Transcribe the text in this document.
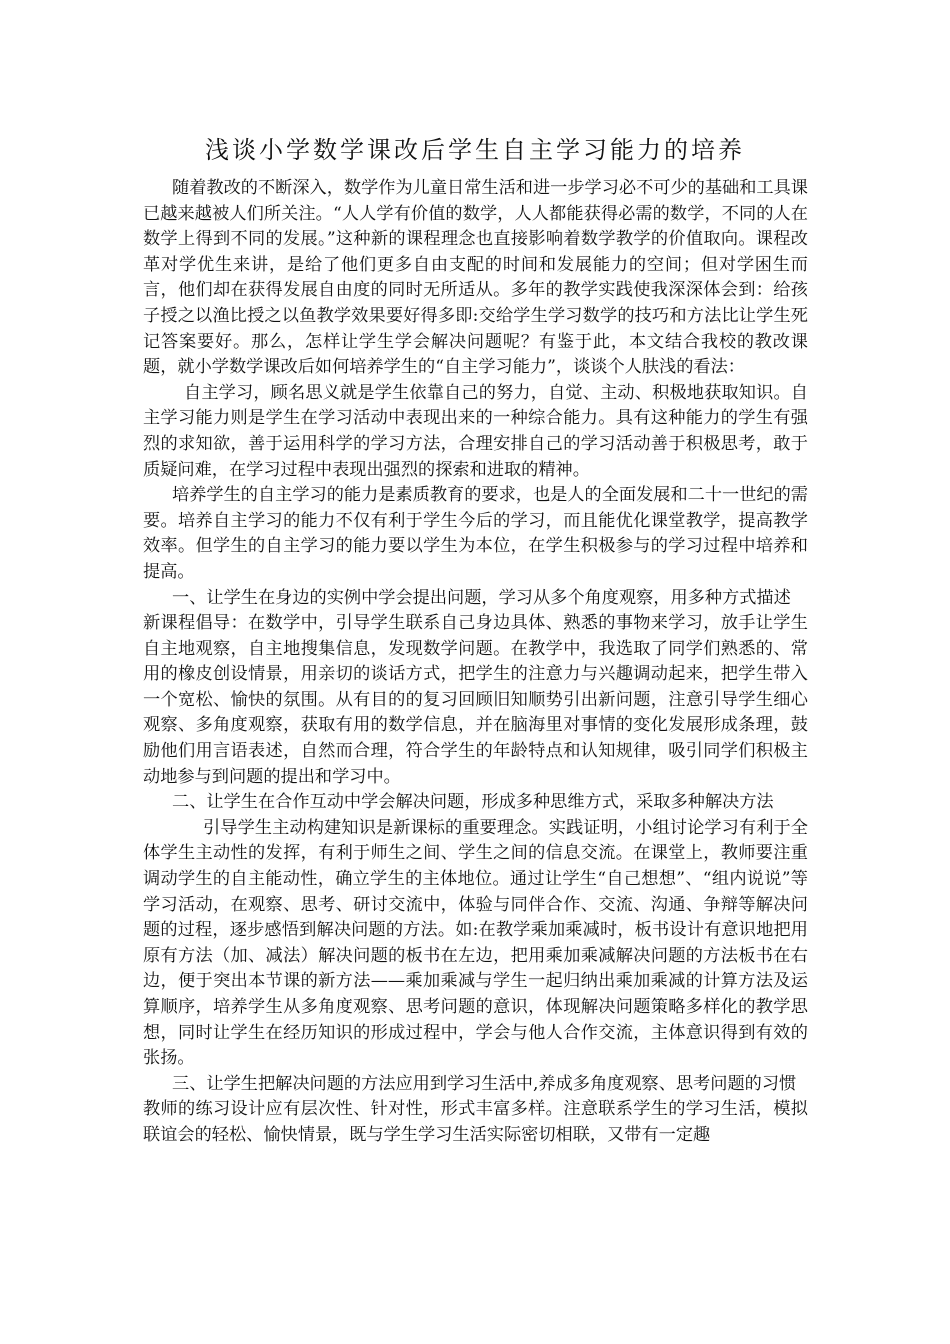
浅谈小学数学课改后学生自主学习能力的培养

随着教改的不断深入，数学作为儿童日常生活和进一步学习必不可少的基础和工具课已越来越被人们所关注。“人人学有价值的数学，人人都能获得必需的数学，不同的人在数学上得到不同的发展。”这种新的课程理念也直接影响着数学教学的价值取向。课程改革对学优生来讲，是给了他们更多自由支配的时间和发展能力的空间；但对学困生而言，他们却在获得发展自由度的同时无所适从。多年的教学实践使我深深体会到：给孩子授之以渔比授之以鱼教学效果要好得多即:交给学生学习数学的技巧和方法比让学生死记答案要好。那么，怎样让学生学会解决问题呢？有鉴于此，本文结合我校的教改课题，就小学数学课改后如何培养学生的“自主学习能力”，谈谈个人肤浅的看法：

自主学习，顾名思义就是学生依靠自己的努力，自觉、主动、积极地获取知识。自主学习能力则是学生在学习活动中表现出来的一种综合能力。具有这种能力的学生有强烈的求知欲，善于运用科学的学习方法，合理安排自己的学习活动善于积极思考，敢于质疑问难，在学习过程中表现出强烈的探索和进取的精神。

培养学生的自主学习的能力是素质教育的要求，也是人的全面发展和二十一世纪的需要。培养自主学习的能力不仅有利于学生今后的学习，而且能优化课堂教学，提高教学效率。但学生的自主学习的能力要以学生为本位，在学生积极参与的学习过程中培养和提高。

一、让学生在身边的实例中学会提出问题，学习从多个角度观察，用多种方式描述

新课程倡导：在数学中，引导学生联系自己身边具体、熟悉的事物来学习，放手让学生自主地观察，自主地搜集信息，发现数学问题。在教学中，我选取了同学们熟悉的、常用的橡皮创设情景，用亲切的谈话方式，把学生的注意力与兴趣调动起来，把学生带入一个宽松、愉快的氛围。从有目的的复习回顾旧知顺势引出新问题，注意引导学生细心观察、多角度观察，获取有用的数学信息，并在脑海里对事情的变化发展形成条理，鼓励他们用言语表述，自然而合理，符合学生的年龄特点和认知规律，吸引同学们积极主动地参与到问题的提出和学习中。

二、让学生在合作互动中学会解决问题，形成多种思维方式，采取多种解决方法

引导学生主动构建知识是新课标的重要理念。实践证明，小组讨论学习有利于全体学生主动性的发挥，有利于师生之间、学生之间的信息交流。在课堂上，教师要注重调动学生的自主能动性，确立学生的主体地位。通过让学生“自己想想”、“组内说说”等学习活动，在观察、思考、研讨交流中，体验与同伴合作、交流、沟通、争辩等解决问题的过程，逐步感悟到解决问题的方法。如:在教学乘加乘减时，板书设计有意识地把用原有方法（加、减法）解决问题的板书在左边，把用乘加乘减解决问题的方法板书在右边，便于突出本节课的新方法——乘加乘减与学生一起归纳出乘加乘减的计算方法及运算顺序，培养学生从多角度观察、思考问题的意识，体现解决问题策略多样化的教学思想，同时让学生在经历知识的形成过程中，学会与他人合作交流，主体意识得到有效的张扬。

三、让学生把解决问题的方法应用到学习生活中,养成多角度观察、思考问题的习惯

教师的练习设计应有层次性、针对性，形式丰富多样。注意联系学生的学习生活，模拟联谊会的轻松、愉快情景，既与学生学习生活实际密切相联，又带有一定趣
